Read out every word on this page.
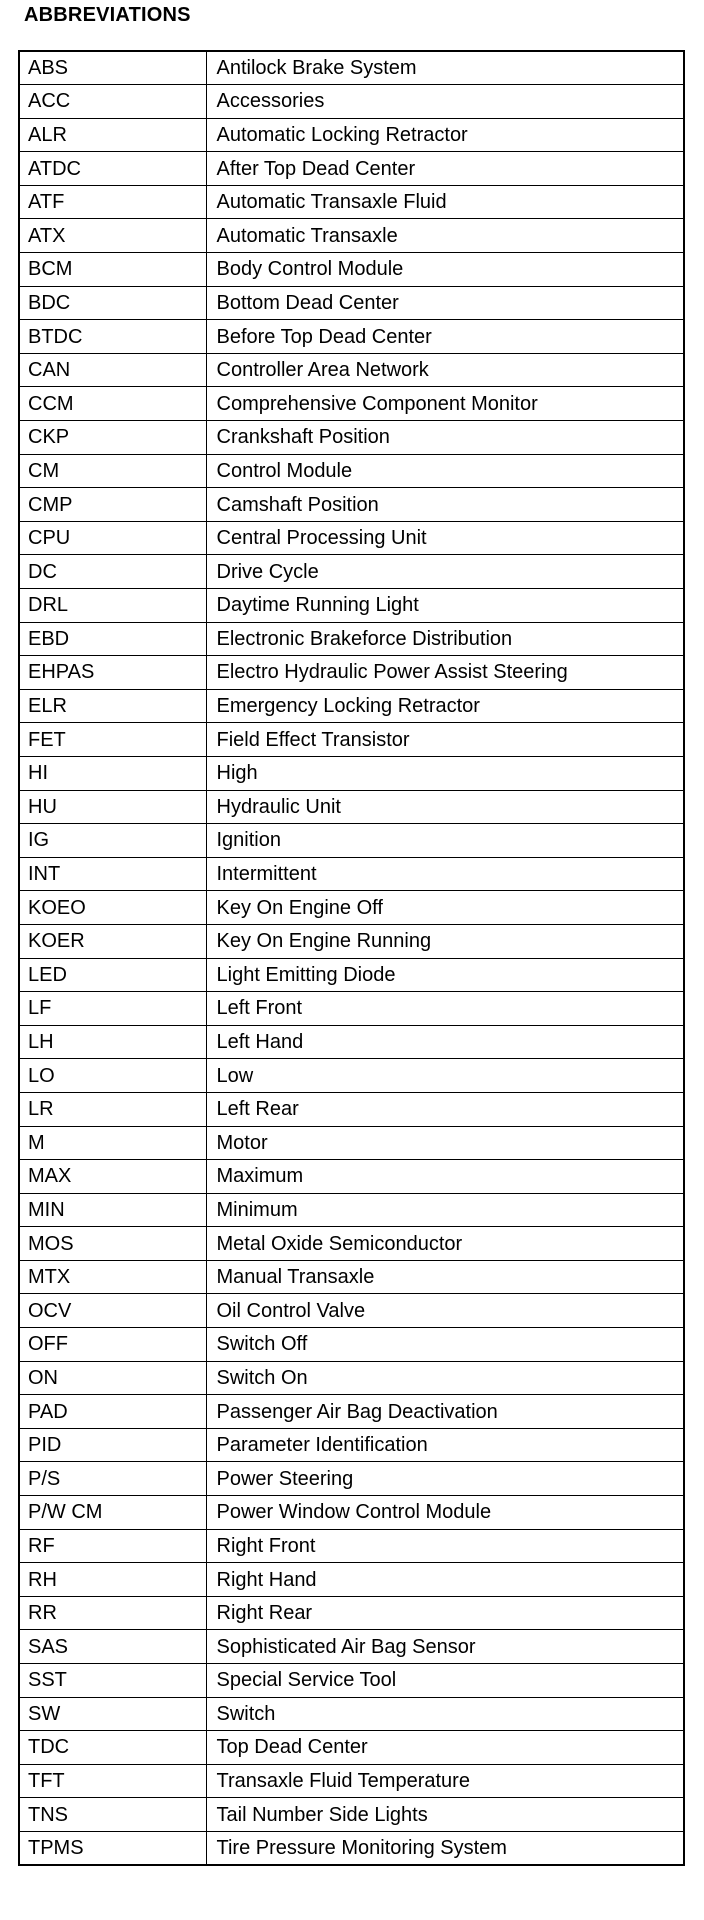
ABBREVIATIONS
ABS	Antilock Brake System
ACC	Accessories
ALR	Automatic Locking Retractor
ATDC	After Top Dead Center
ATF	Automatic Transaxle Fluid
ATX	Automatic Transaxle
BCM	Body Control Module
BDC	Bottom Dead Center
BTDC	Before Top Dead Center
CAN	Controller Area Network
CCM	Comprehensive Component Monitor
CKP	Crankshaft Position
CM	Control Module
CMP	Camshaft Position
CPU	Central Processing Unit
DC	Drive Cycle
DRL	Daytime Running Light
EBD	Electronic Brakeforce Distribution
EHPAS	Electro Hydraulic Power Assist Steering
ELR	Emergency Locking Retractor
FET	Field Effect Transistor
HI	High
HU	Hydraulic Unit
IG	Ignition
INT	Intermittent
KOEO	Key On Engine Off
KOER	Key On Engine Running
LED	Light Emitting Diode
LF	Left Front
LH	Left Hand
LO	Low
LR	Left Rear
M	Motor
MAX	Maximum
MIN	Minimum
MOS	Metal Oxide Semiconductor
MTX	Manual Transaxle
OCV	Oil Control Valve
OFF	Switch Off
ON	Switch On
PAD	Passenger Air Bag Deactivation
PID	Parameter Identification
P/S	Power Steering
P/W CM	Power Window Control Module
RF	Right Front
RH	Right Hand
RR	Right Rear
SAS	Sophisticated Air Bag Sensor
SST	Special Service Tool
SW	Switch
TDC	Top Dead Center
TFT	Transaxle Fluid Temperature
TNS	Tail Number Side Lights
TPMS	Tire Pressure Monitoring System
